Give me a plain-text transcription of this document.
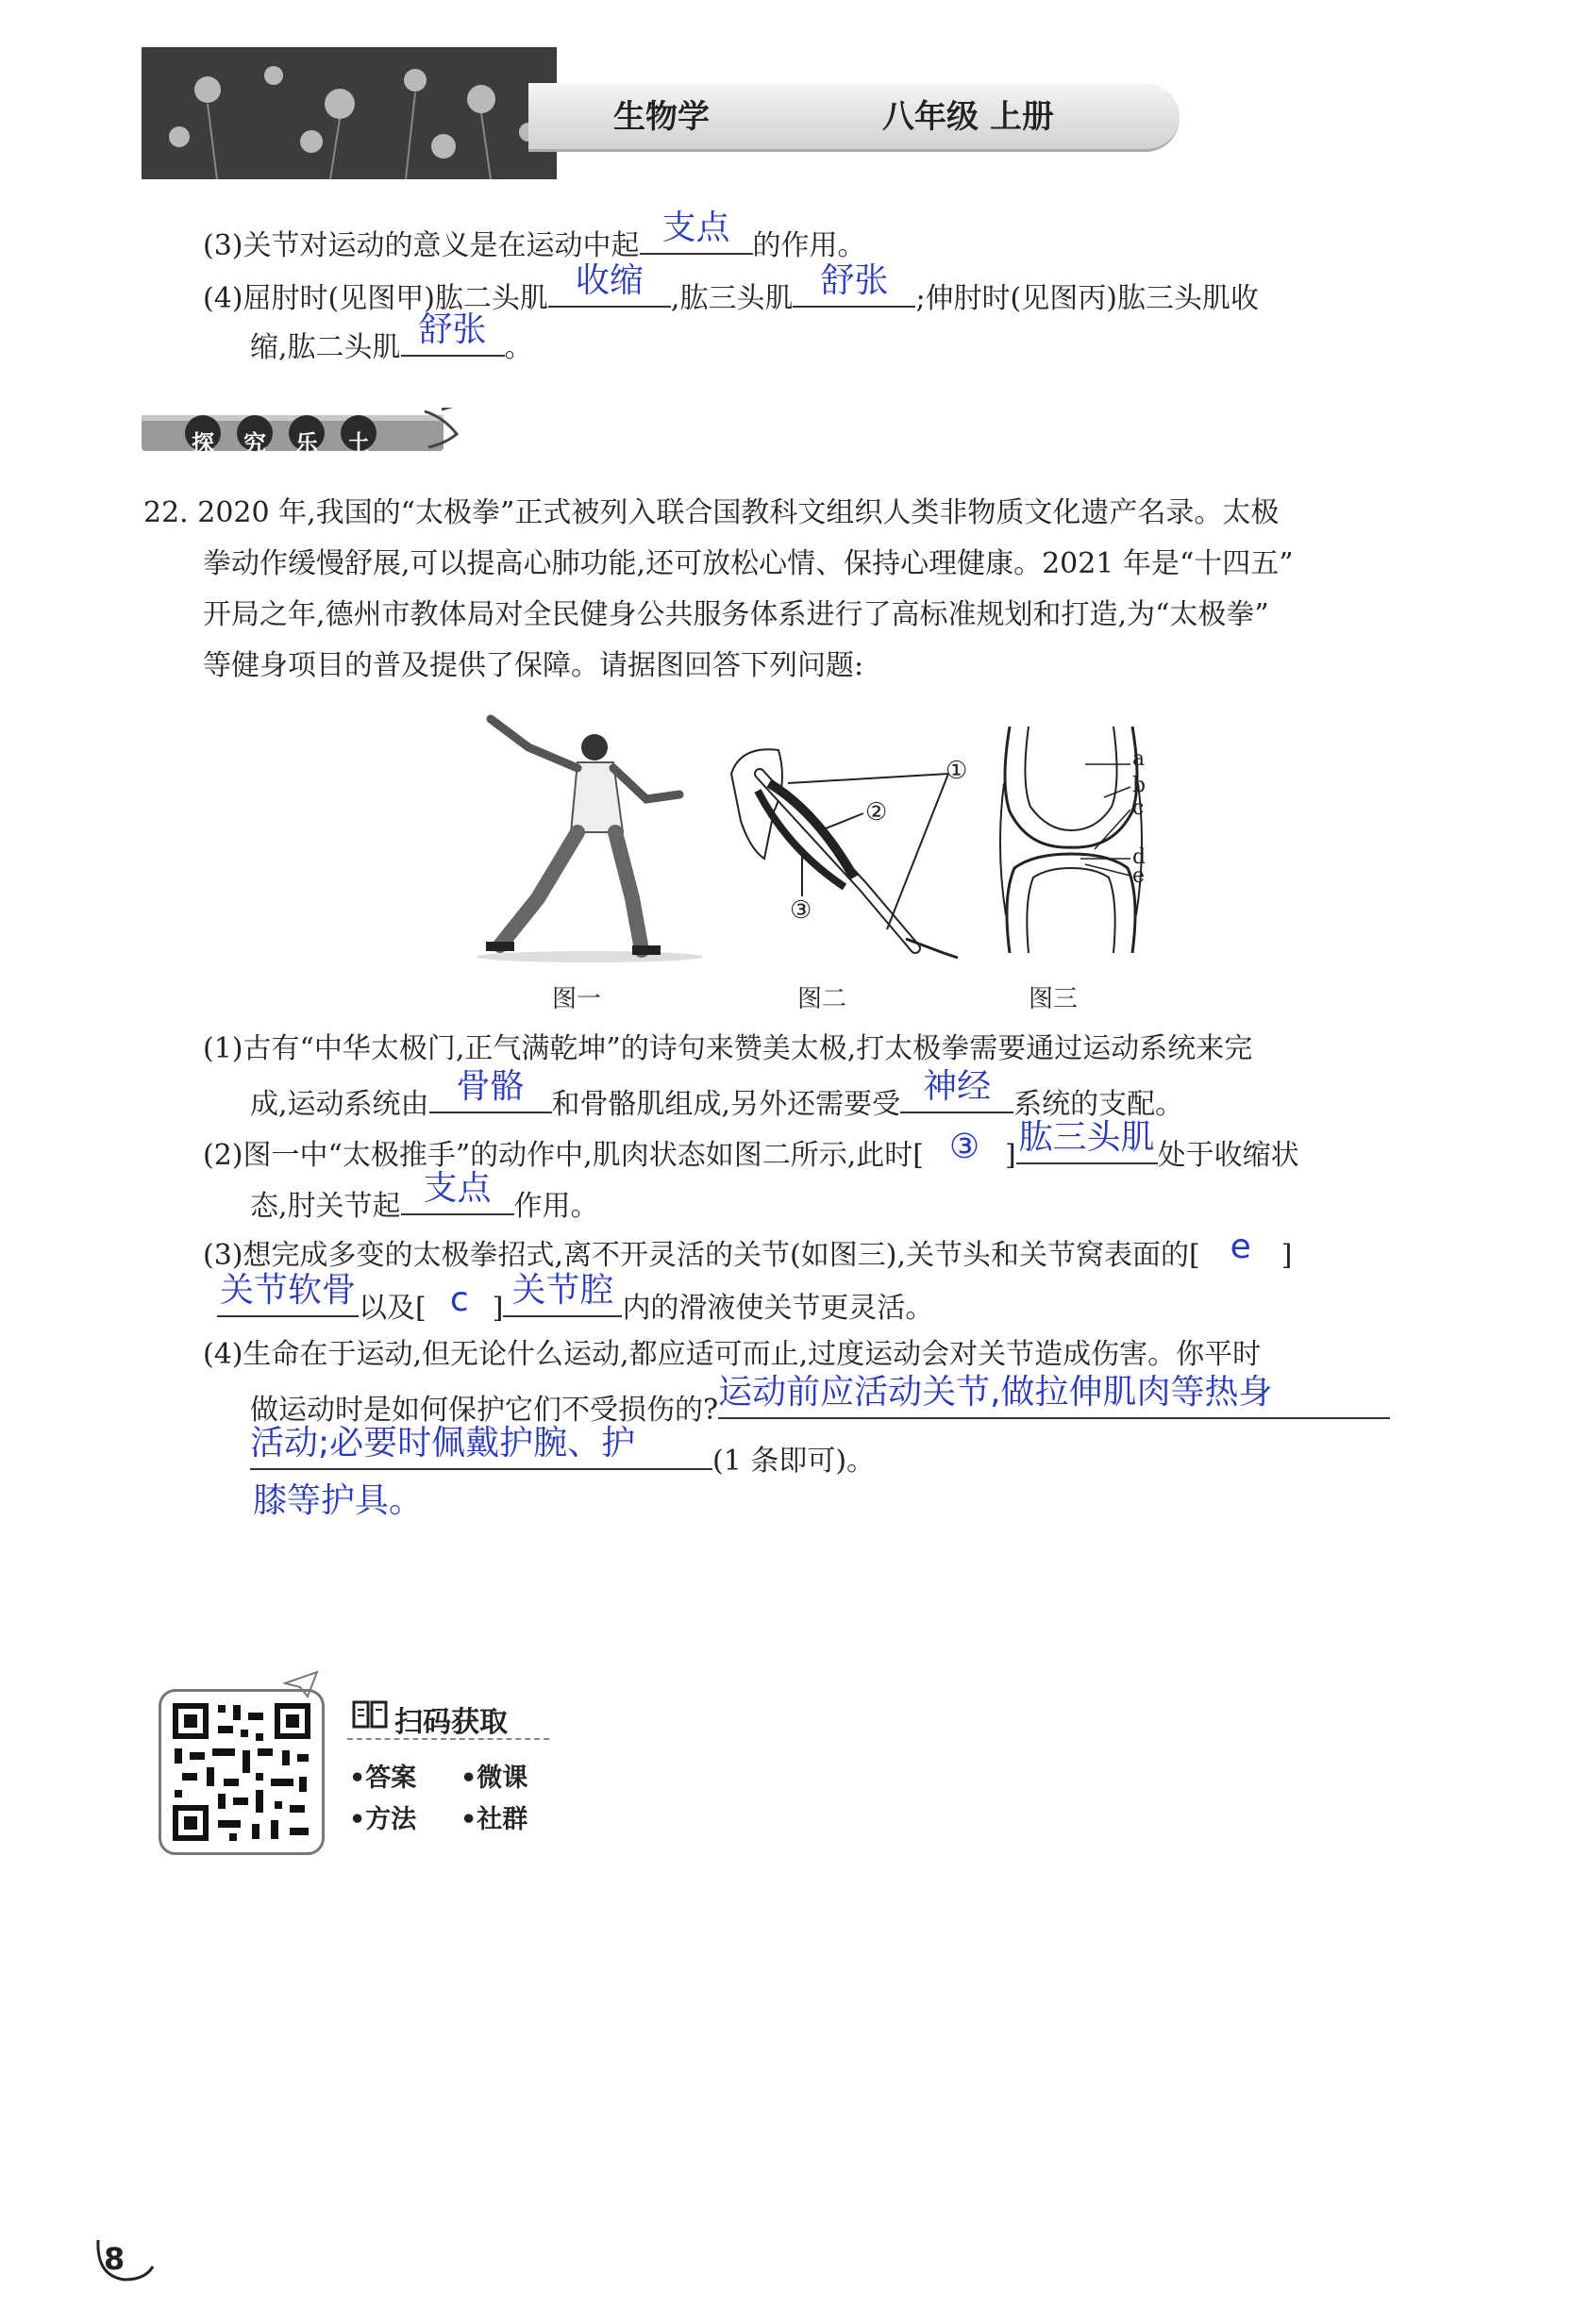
生物学	八年级 上册
(3)关节对运动的意义是在运动中起 支点 的作用。
(4)屈肘时(见图甲)肱二头肌 收缩 ,肱三头肌 舒张 ;伸肘时(见图丙)肱三头肌收
缩,肱二头肌 舒张 。
探 究 乐 土
22. 2020 年,我国的“太极拳”正式被列入联合国教科文组织人类非物质文化遗产名录。太极
拳动作缓慢舒展,可以提高心肺功能,还可放松心情、保持心理健康。2021 年是“十四五”
开局之年,德州市教体局对全民健身公共服务体系进行了高标准规划和打造,为“太极拳”
等健身项目的普及提供了保障。请据图回答下列问题:
①
②
③
a
b
c
d
e
图一	图二	图三
(1)古有“中华太极门,正气满乾坤”的诗句来赞美太极,打太极拳需要通过运动系统来完
成,运动系统由 骨骼 和骨骼肌组成,另外还需要受 神经 系统的支配。
(2)图一中“太极推手”的动作中,肌肉状态如图二所示,此时[ ③ ] 肱三头肌 处于收缩状
态,肘关节起 支点 作用。
(3)想完成多变的太极拳招式,离不开灵活的关节(如图三),关节头和关节窝表面的[ e	]
关节软骨 以及[ c ] 关节腔 内的滑液使关节更灵活。
(4)生命在于运动,但无论什么运动,都应适可而止,过度运动会对关节造成伤害。你平时
做运动时是如何保护它们不受损伤的? 运动前应活动关节,做拉伸肌肉等热身
活动;必要时佩戴护腕、护	(1 条即可)。
膝等护具。
扫码获取
•答案 •微课
•方法 •社群
8
